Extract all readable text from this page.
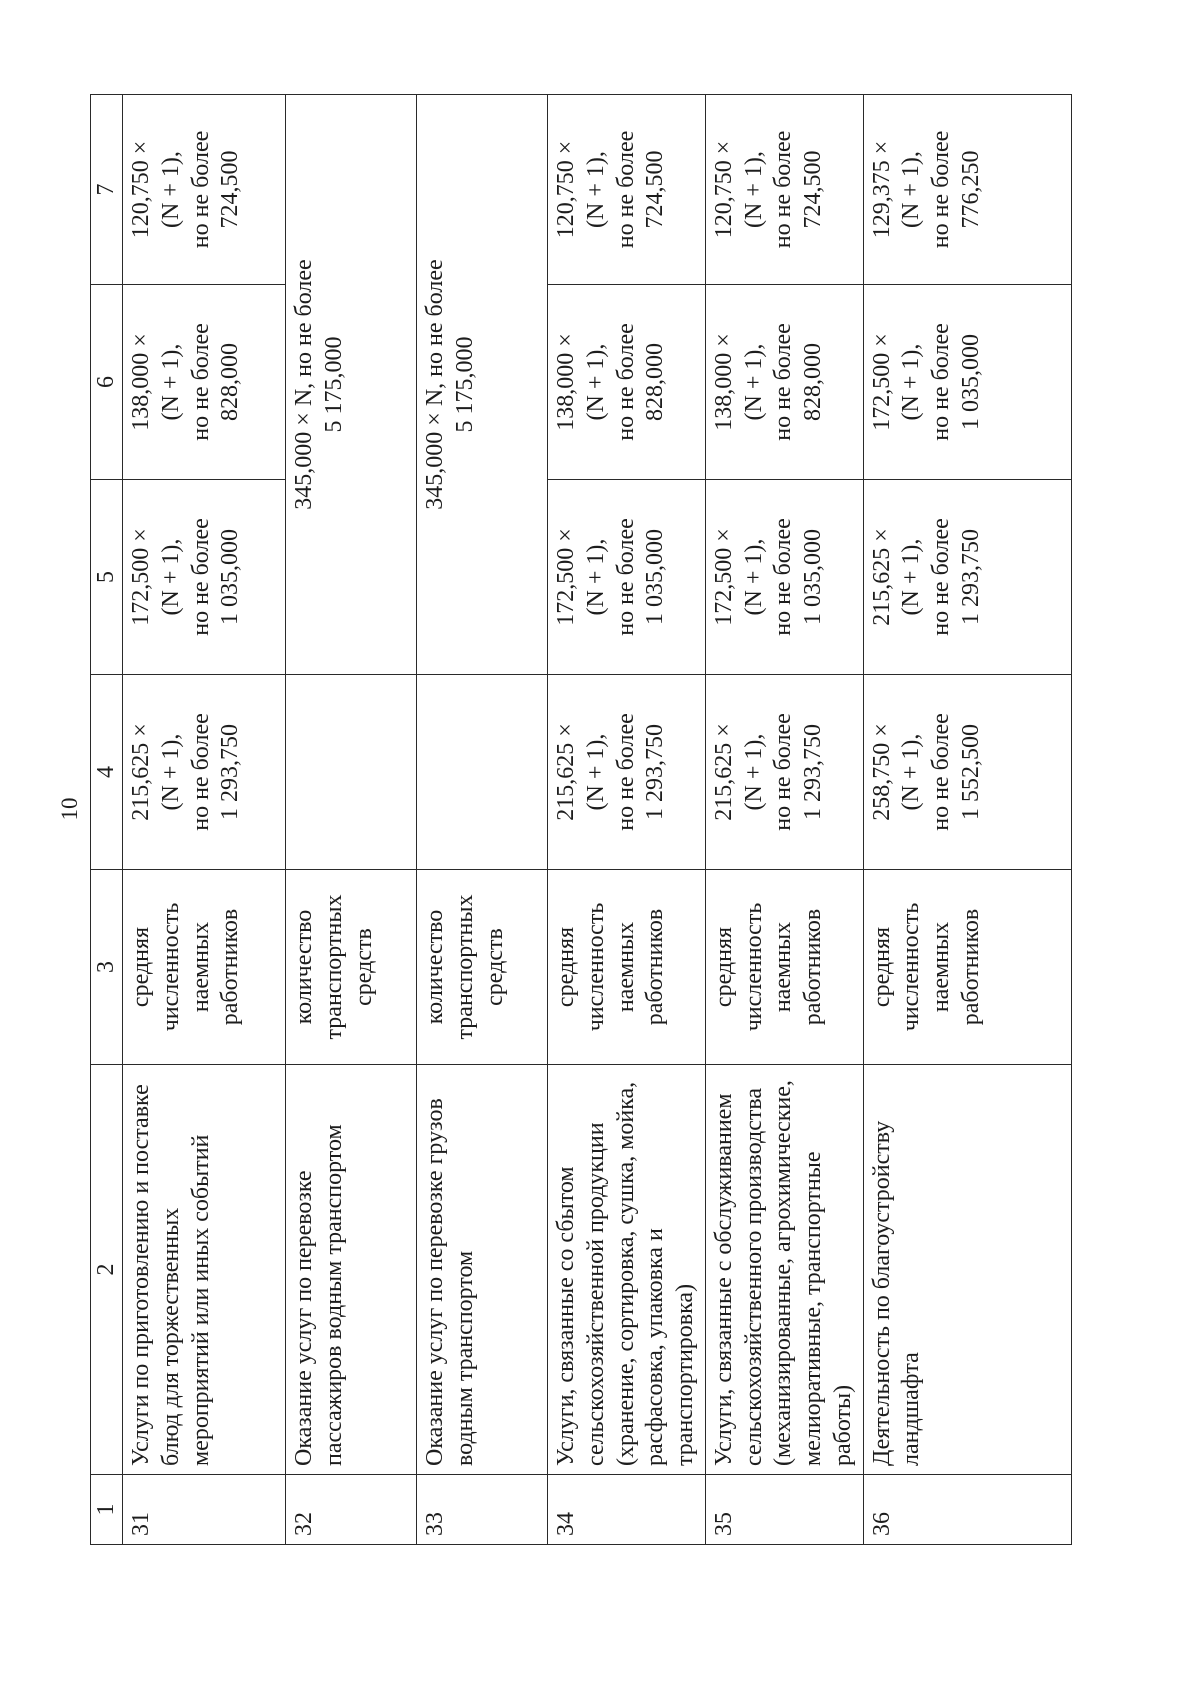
10
1	2	3	4	5	6	7
31	Услуги по приготовлению и поставке блюд для торжественных мероприятий или иных событий	средняя численность наемных работников	215,625 × (N + 1), но не более 1 293,750	172,500 × (N + 1), но не более 1 035,000	138,000 × (N + 1), но не более 828,000	120,750 × (N + 1), но не более 724,500

32	Оказание услуг по перевозке пассажиров водным транспортом	количество транспортных средств		345,000 × N, но не более 5 175,000		

33	Оказание услуг по перевозке грузов водным транспортом	количество транспортных средств		345,000 × N, но не более 5 175,000		

34	Услуги, связанные со сбытом сельскохозяйственной продукции (хранение, сортировка, сушка, мойка, расфасовка, упаковка и транспортировка)	средняя численность наемных работников	215,625 × (N + 1), но не более 1 293,750	172,500 × (N + 1), но не более 1 035,000	138,000 × (N + 1), но не более 828,000	120,750 × (N + 1), но не более 724,500

35	Услуги, связанные с обслуживанием сельскохозяйственного производства (механизированные, агрохимические, мелиоративные, транспортные работы)	средняя численность наемных работников	215,625 × (N + 1), но не более 1 293,750	172,500 × (N + 1), но не более 1 035,000	138,000 × (N + 1), но не более 828,000	120,750 × (N + 1), но не более 724,500

36	Деятельность по благоустройству ландшафта	средняя численность наемных работников	258,750 × (N + 1), но не более 1 552,500	215,625 × (N + 1), но не более 1 293,750	172,500 × (N + 1), но не более 1 035,000	129,375 × (N + 1), но не более 776,250
